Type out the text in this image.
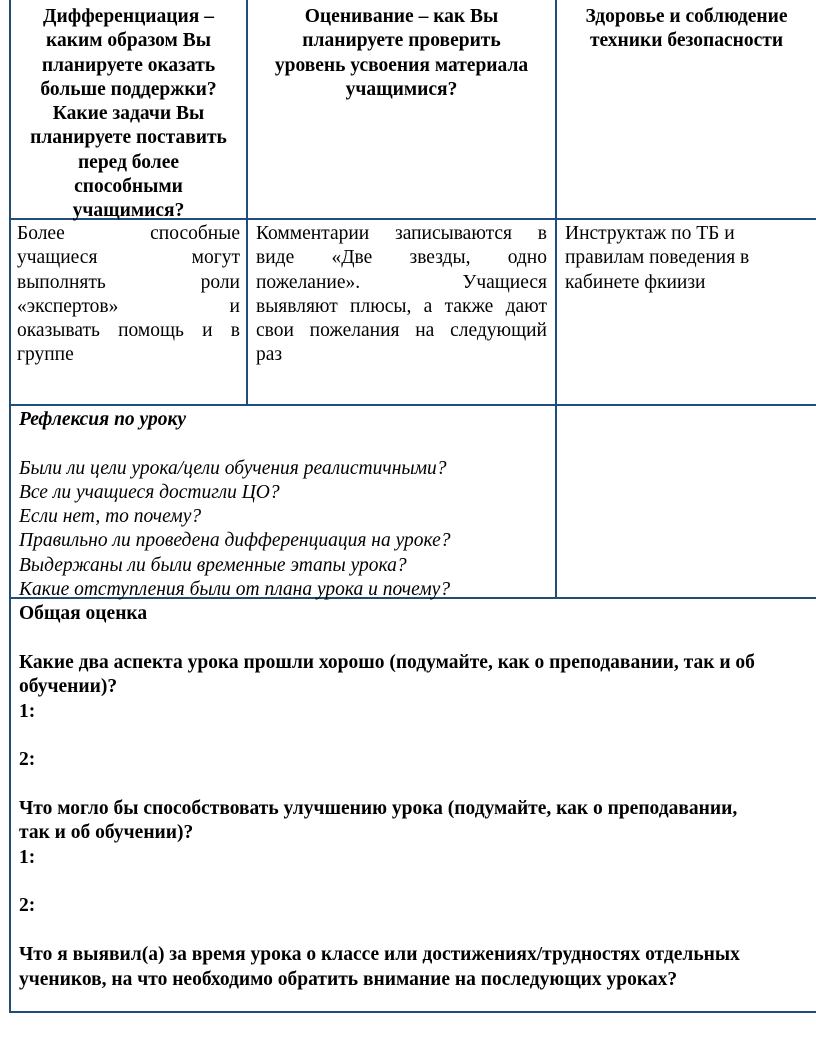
Дифференциация –
каким образом Вы
планируете оказать
больше поддержки?
Какие задачи Вы
планируете поставить
перед более
способными
учащимися?
Оценивание – как Вы
планируете проверить
уровень усвоения материала
учащимися?
Здоровье и соблюдение
техники безопасности
Более способные
учащиеся могут
выполнять роли
«экспертов» и
оказывать помощь и в
группе
Комментарии записываются в
виде «Две звезды, одно
пожелание». Учащиеся
выявляют плюсы, а также дают
свои пожелания на следующий
раз
Инструктаж по ТБ и
правилам поведения в
кабинете фкиизи
Рефлексия по уроку
Были ли цели урока/цели обучения реалистичными?
Все ли учащиеся достигли ЦО?
Если нет, то почему?
Правильно ли проведена дифференциация на уроке?
Выдержаны ли были временные этапы урока?
Какие отступления были от плана урока и почему?
Общая оценка
Какие два аспекта урока прошли хорошо (подумайте, как о преподавании, так и об
обучении)?
1:
2:
Что могло бы способствовать улучшению урока (подумайте, как о преподавании,
так и об обучении)?
1:
2:
Что я выявил(а) за время урока о классе или достижениях/трудностях отдельных
учеников, на что необходимо обратить внимание на последующих уроках?
